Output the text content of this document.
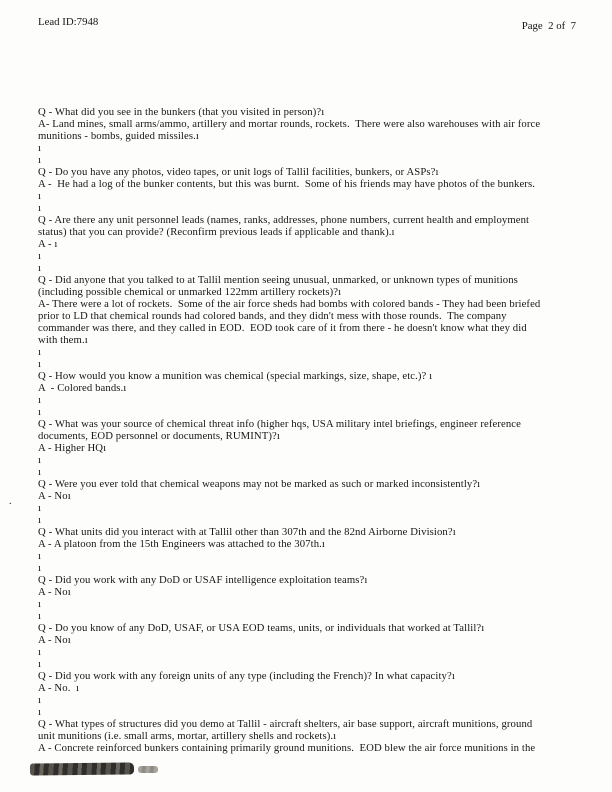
Lead ID:7948	Page  2 of  7
Q - What did you see in the bunkers (that you visited in person)?ı
A- Land mines, small arms/ammo, artillery and mortar rounds, rockets.  There were also warehouses with air force
munitions - bombs, guided missiles.ı
ı
ı
Q - Do you have any photos, video tapes, or unit logs of Tallil facilities, bunkers, or ASPs?ı
A -  He had a log of the bunker contents, but this was burnt.  Some of his friends may have photos of the bunkers.
ı
ı
Q - Are there any unit personnel leads (names, ranks, addresses, phone numbers, current health and employment
status) that you can provide? (Reconfirm previous leads if applicable and thank).ı
A - ı
ı
ı
Q - Did anyone that you talked to at Tallil mention seeing unusual, unmarked, or unknown types of munitions
(including possible chemical or unmarked 122mm artillery rockets)?ı
A- There were a lot of rockets.  Some of the air force sheds had bombs with colored bands - They had been briefed
prior to LD that chemical rounds had colored bands, and they didn't mess with those rounds.  The company
commander was there, and they called in EOD.  EOD took care of it from there - he doesn't know what they did
with them.ı
ı
ı
Q - How would you know a munition was chemical (special markings, size, shape, etc.)? ı
A  - Colored bands.ı
ı
ı
Q - What was your source of chemical threat info (higher hqs, USA military intel briefings, engineer reference
documents, EOD personnel or documents, RUMINT)?ı
A - Higher HQı
ı
ı
Q - Were you ever told that chemical weapons may not be marked as such or marked inconsistently?ı
A - Noı
ı
ı
Q - What units did you interact with at Tallil other than 307th and the 82nd Airborne Division?ı
A - A platoon from the 15th Engineers was attached to the 307th.ı
ı
ı
Q - Did you work with any DoD or USAF intelligence exploitation teams?ı
A - Noı
ı
ı
Q - Do you know of any DoD, USAF, or USA EOD teams, units, or individuals that worked at Tallil?ı
A - Noı
ı
ı
Q - Did you work with any foreign units of any type (including the French)? In what capacity?ı
A - No.  ı
ı
ı
Q - What types of structures did you demo at Tallil - aircraft shelters, air base support, aircraft munitions, ground
unit munitions (i.e. small arms, mortar, artillery shells and rockets).ı
A - Concrete reinforced bunkers containing primarily ground munitions.  EOD blew the air force munitions in the
.
